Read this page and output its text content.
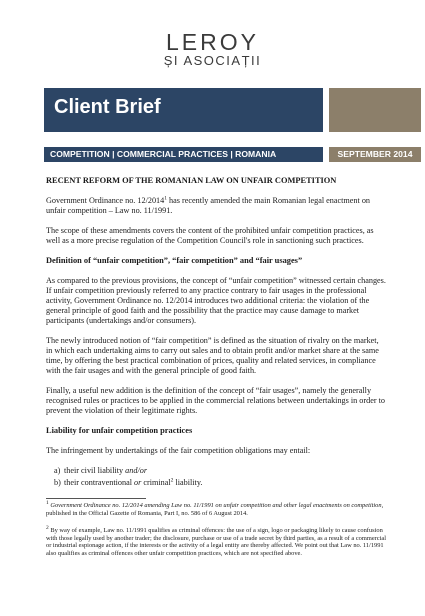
LEROY
ȘI ASOCIAȚII
Client Brief
COMPETITION | COMMERCIAL PRACTICES | ROMANIA	SEPTEMBER 2014
RECENT REFORM OF THE ROMANIAN LAW ON UNFAIR COMPETITION

Government Ordinance no. 12/2014$^1$ has recently amended the main Romanian legal enactment on unfair competition – Law no. 11/1991.

The scope of these amendments covers the content of the prohibited unfair competition practices, as well as a more precise regulation of the Competition Council's role in sanctioning such practices.

Definition of “unfair competition”, “fair competition” and “fair usages”

As compared to the previous provisions, the concept of “unfair competition” witnessed certain changes. If unfair competition previously referred to any practice contrary to fair usages in the professional activity, Government Ordinance no. 12/2014 introduces two additional criteria: the violation of the general principle of good faith and the possibility that the practice may cause damage to market participants (undertakings and/or consumers).

The newly introduced notion of “fair competition” is defined as the situation of rivalry on the market, in which each undertaking aims to carry out sales and to obtain profit and/or market share at the same time, by offering the best practical combination of prices, quality and related services, in compliance with the fair usages and with the general principle of good faith.

Finally, a useful new addition is the definition of the concept of “fair usages”, namely the generally recognised rules or practices to be applied in the commercial relations between undertakings in order to prevent the violation of their legitimate rights.

Liability for unfair competition practices

The infringement by undertakings of the fair competition obligations may entail:

a) their civil liability and/or
b) their contraventional or criminal$^2$ liability.

$^1$ Government Ordinance no. 12/2014 amending Law no. 11/1991 on unfair competition and other legal enactments on competition, published in the Official Gazette of Romania, Part I, no. 586 of 6 August 2014.

$^2$ By way of example, Law no. 11/1991 qualifies as criminal offences: the use of a sign, logo or packaging likely to cause confusion with those legally used by another trader; the disclosure, purchase or use of a trade secret by third parties, as a result of a commercial or industrial espionage action, if the interests or the activity of a legal entity are thereby affected. We point out that Law no. 11/1991 also qualifies as criminal offences other unfair competition practices, which are not specified above.
